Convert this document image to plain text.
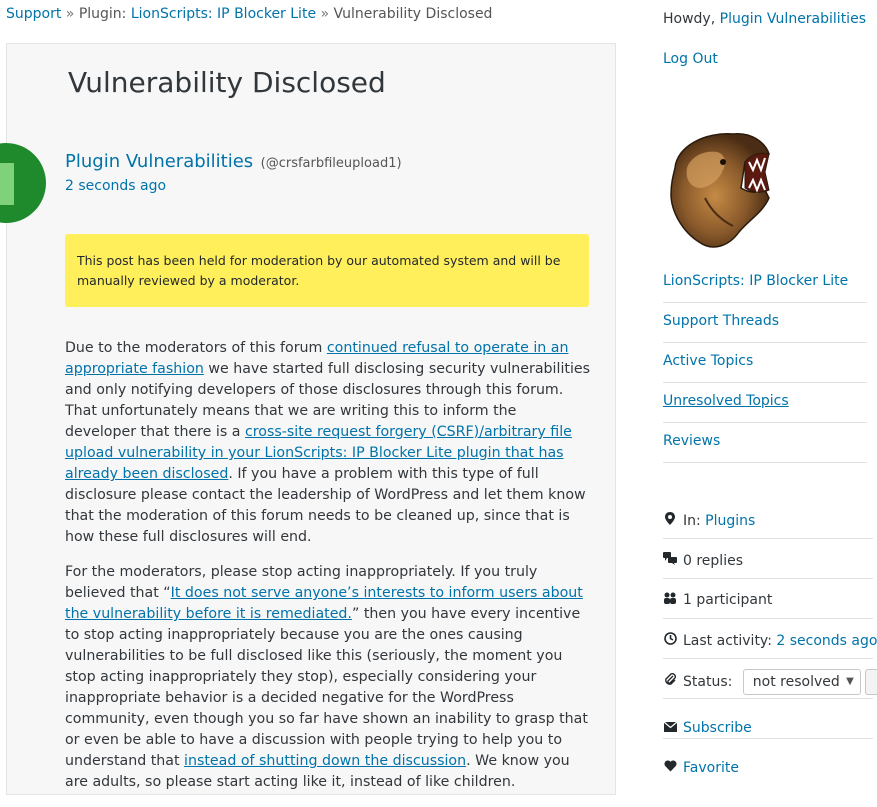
Support » Plugin: LionScripts: IP Blocker Lite » Vulnerability Disclosed
Vulnerability Disclosed
Plugin Vulnerabilities (@crsfarbfileupload1)
2 seconds ago
This post has been held for moderation by our automated system and will be manually reviewed by a moderator.

Due to the moderators of this forum continued refusal to operate in an appropriate fashion we have started full disclosing security vulnerabilities and only notifying developers of those disclosures through this forum. That unfortunately means that we are writing this to inform the developer that there is a cross-site request forgery (CSRF)/arbitrary file upload vulnerability in your LionScripts: IP Blocker Lite plugin that has already been disclosed. If you have a problem with this type of full disclosure please contact the leadership of WordPress and let them know that the moderation of this forum needs to be cleaned up, since that is how these full disclosures will end.

For the moderators, please stop acting inappropriately. If you truly believed that “It does not serve anyone’s interests to inform users about the vulnerability before it is remediated.” then you have every incentive to stop acting inappropriately because you are the ones causing vulnerabilities to be full disclosed like this (seriously, the moment you stop acting inappropriately they stop), especially considering your inappropriate behavior is a decided negative for the WordPress community, even though you so far have shown an inability to grasp that or even be able to have a discussion with people trying to help you to understand that instead of shutting down the discussion. We know you are adults, so please start acting like it, instead of like children.

Howdy, Plugin Vulnerabilities
Log Out
LionScripts: IP Blocker Lite
Support Threads
Active Topics
Unresolved Topics
Reviews
In: Plugins
0 replies
1 participant
Last activity: 2 seconds ago
Status: not resolved ▼
Subscribe
Favorite
